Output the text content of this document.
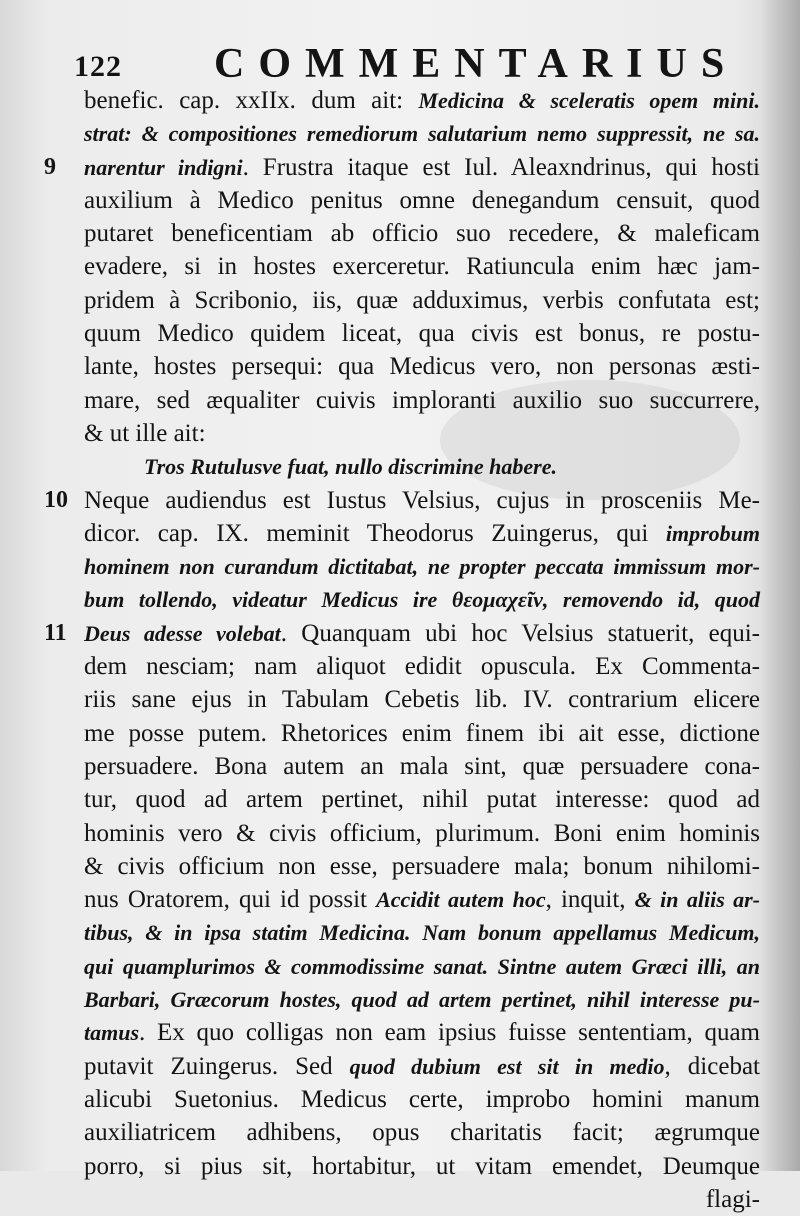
122 COMMENTARIUS
benefic. cap. xxIIx. dum ait: Medicina & sceleratis opem mini.
strat: & compositiones remediorum salutarium nemo suppressit, ne sa.
9 narentur indigni. Frustra itaque est Iul. Aleaxndrinus, qui hosti
auxilium à Medico penitus omne denegandum censuit, quod
putaret beneficentiam ab officio suo recedere, & maleficam
evadere, si in hostes exerceretur. Ratiuncula enim hæc jam-
pridem à Scribonio, iis, quæ adduximus, verbis confutata est;
quum Medico quidem liceat, qua civis est bonus, re postu-
lante, hostes persequi: qua Medicus vero, non personas æsti-
mare, sed æqualiter cuivis imploranti auxilio suo succurrere,
& ut ille ait:
Tros Rutulusve fuat, nullo discrimine habere.
10 Neque audiendus est Iustus Velsius, cujus in prosceniis Me-
dicor. cap. IX. meminit Theodorus Zuingerus, qui improbum
hominem non curandum dictitabat, ne propter peccata immissum mor-
bum tollendo, videatur Medicus ire θεομαχεῖν, removendo id, quod
11 Deus adesse volebat. Quanquam ubi hoc Velsius statuerit, equi-
dem nesciam; nam aliquot edidit opuscula. Ex Commenta-
riis sane ejus in Tabulam Cebetis lib. IV. contrarium elicere
me posse putem. Rhetorices enim finem ibi ait esse, dictione
persuadere. Bona autem an mala sint, quæ persuadere cona-
tur, quod ad artem pertinet, nihil putat interesse: quod ad
hominis vero & civis officium, plurimum. Boni enim hominis
& civis officium non esse, persuadere mala; bonum nihilomi-
nus Oratorem, qui id possit Accidit autem hoc, inquit, & in aliis ar-
tibus, & in ipsa statim Medicina. Nam bonum appellamus Medicum,
qui quamplurimos & commodissime sanat. Sintne autem Græci illi, an
Barbari, Græcorum hostes, quod ad artem pertinet, nihil interesse pu-
tamus. Ex quo colligas non eam ipsius fuisse sententiam, quam
putavit Zuingerus. Sed quod dubium est sit in medio, dicebat
alicubi Suetonius. Medicus certe, improbo homini manum
auxiliatricem adhibens, opus charitatis facit; ægrumque
porro, si pius sit, hortabitur, ut vitam emendet, Deumque
flagi-
